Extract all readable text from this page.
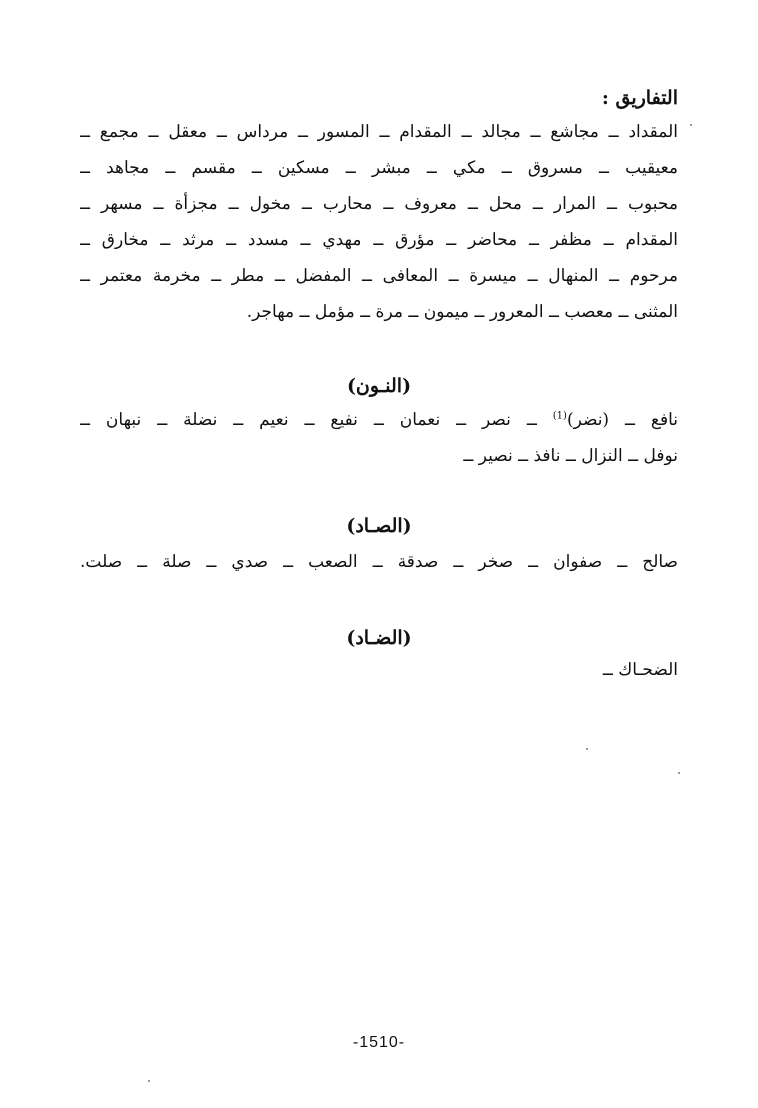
التفاريق :
المقداد ــ مجاشع ــ مجالد ــ المقدام ــ المسور ــ مرداس ــ معقل ــ مجمع ــ
معيقيب ــ مسروق ــ مكي ــ مبشر ــ مسكين ــ مقسم ــ مجاهد ــ
محبوب ــ المرار ــ محل ــ معروف ــ محارب ــ مخول ــ مجزأة ــ مسهر ــ
المقدام ــ مظفر ــ محاضر ــ مؤرق ــ مهدي ــ مسدد ــ مرثد ــ مخارق ــ
مرحوم ــ المنهال ــ ميسرة ــ المعافى ــ المفضل ــ مطر ــ مخرمة معتمر ــ
المثنى ــ معصب ــ المعرور ــ ميمون ــ مرة ــ مؤمل ــ مهاجر.
(النـون)
نافع ــ (نضر)$^{(1)}$ ــ نصر ــ نعمان ــ نفيع ــ نعيم ــ نضلة ــ نبهان ــ
نوفل ــ النزال ــ نافذ ــ نصير ــ
(الصـاد)
صالح ــ صفوان ــ صخر ــ صدقة ــ الصعب ــ صدي ــ صلة ــ صلت.
(الضـاد)
الضحـاك ــ
-1510-
